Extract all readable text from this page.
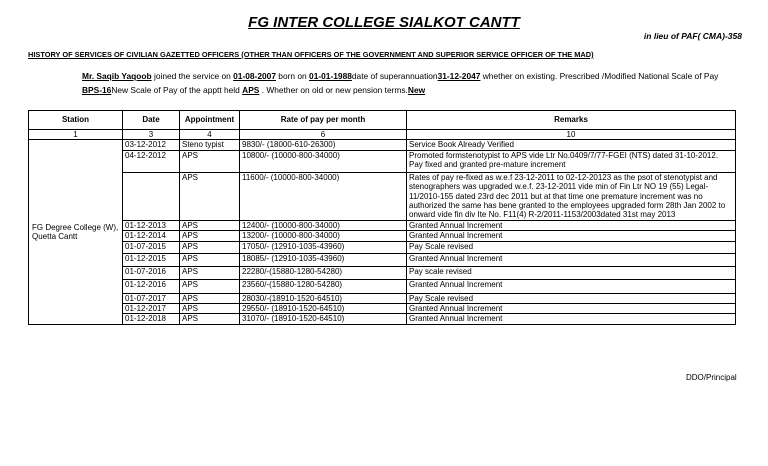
FG INTER COLLEGE SIALKOT CANTT
in lieu of PAF( CMA)-358
HISTORY OF SERVICES OF CIVILIAN GAZETTED OFFICERS (OTHER THAN OFFICERS OF THE GOVERNMENT AND SUPERIOR SERVICE OFFICER OF THE MAD)
Mr. Saqib Yaqoob joined the service on 01-08-2007 born on 01-01-1988date of superannuation31-12-2047 whether on existing. Prescribed /Modified National Scale of Pay
BPS-16New Scale of Pay of the apptt held APS . Whether on old or new pension terms.New
Station	Date	Appointment	Rate of pay per month	Remarks
1	3	4	6	10
FG Degree College (W), Quetta Cantt	03-12-2012	Steno typist	9830/- (18000-610-26300)	Service Book Already Verified
	04-12-2012	APS	10800/- (10000-800-34000)	Promoted formstenotypist to APS vide Ltr No.0409/7/77-FGEI (NTS) dated 31-10-2012. Pay fixed and granted pre-mature increment
		APS	11600/- (10000-800-34000)	Rates of pay re-fixed as w.e.f 23-12-2011 to 02-12-20123 as the psot of stenotypist and stenographers was upgraded w.e.f. 23-12-2011 vide min of Fin Ltr NO 19 (55) Legal-11/2010-155 dated 23rd dec 2011 but at that time one premature increment was no authorized the same has bene granted to the employees upgraded form 28th Jan 2002 to onward vide fin div Ite No. F11(4) R-2/2011-1153/2003dated 31st may 2013
	01-12-2013	APS	12400/- (10000-800-34000)	Granted Annual Increment
	01-12-2014	APS	13200/- (10000-800-34000)	Granted Annual Increment
	01-07-2015	APS	17050/- (12910-1035-43960)	Pay Scale revised
	01-12-2015	APS	18085/- (12910-1035-43960)	Granted Annual Increment
	01-07-2016	APS	22280/-(15880-1280-54280)	Pay scale revised
	01-12-2016	APS	23560/-(15880-1280-54280)	Granted Annual Increment
	01-07-2017	APS	28030/-(18910-1520-64510)	Pay Scale revised
	01-12-2017	APS	29550/- (18910-1520-64510)	Granted Annual Increment
	01-12-2018	APS	31070/- (18910-1520-64510)	Granted Annual Increment
DDO/Principal
